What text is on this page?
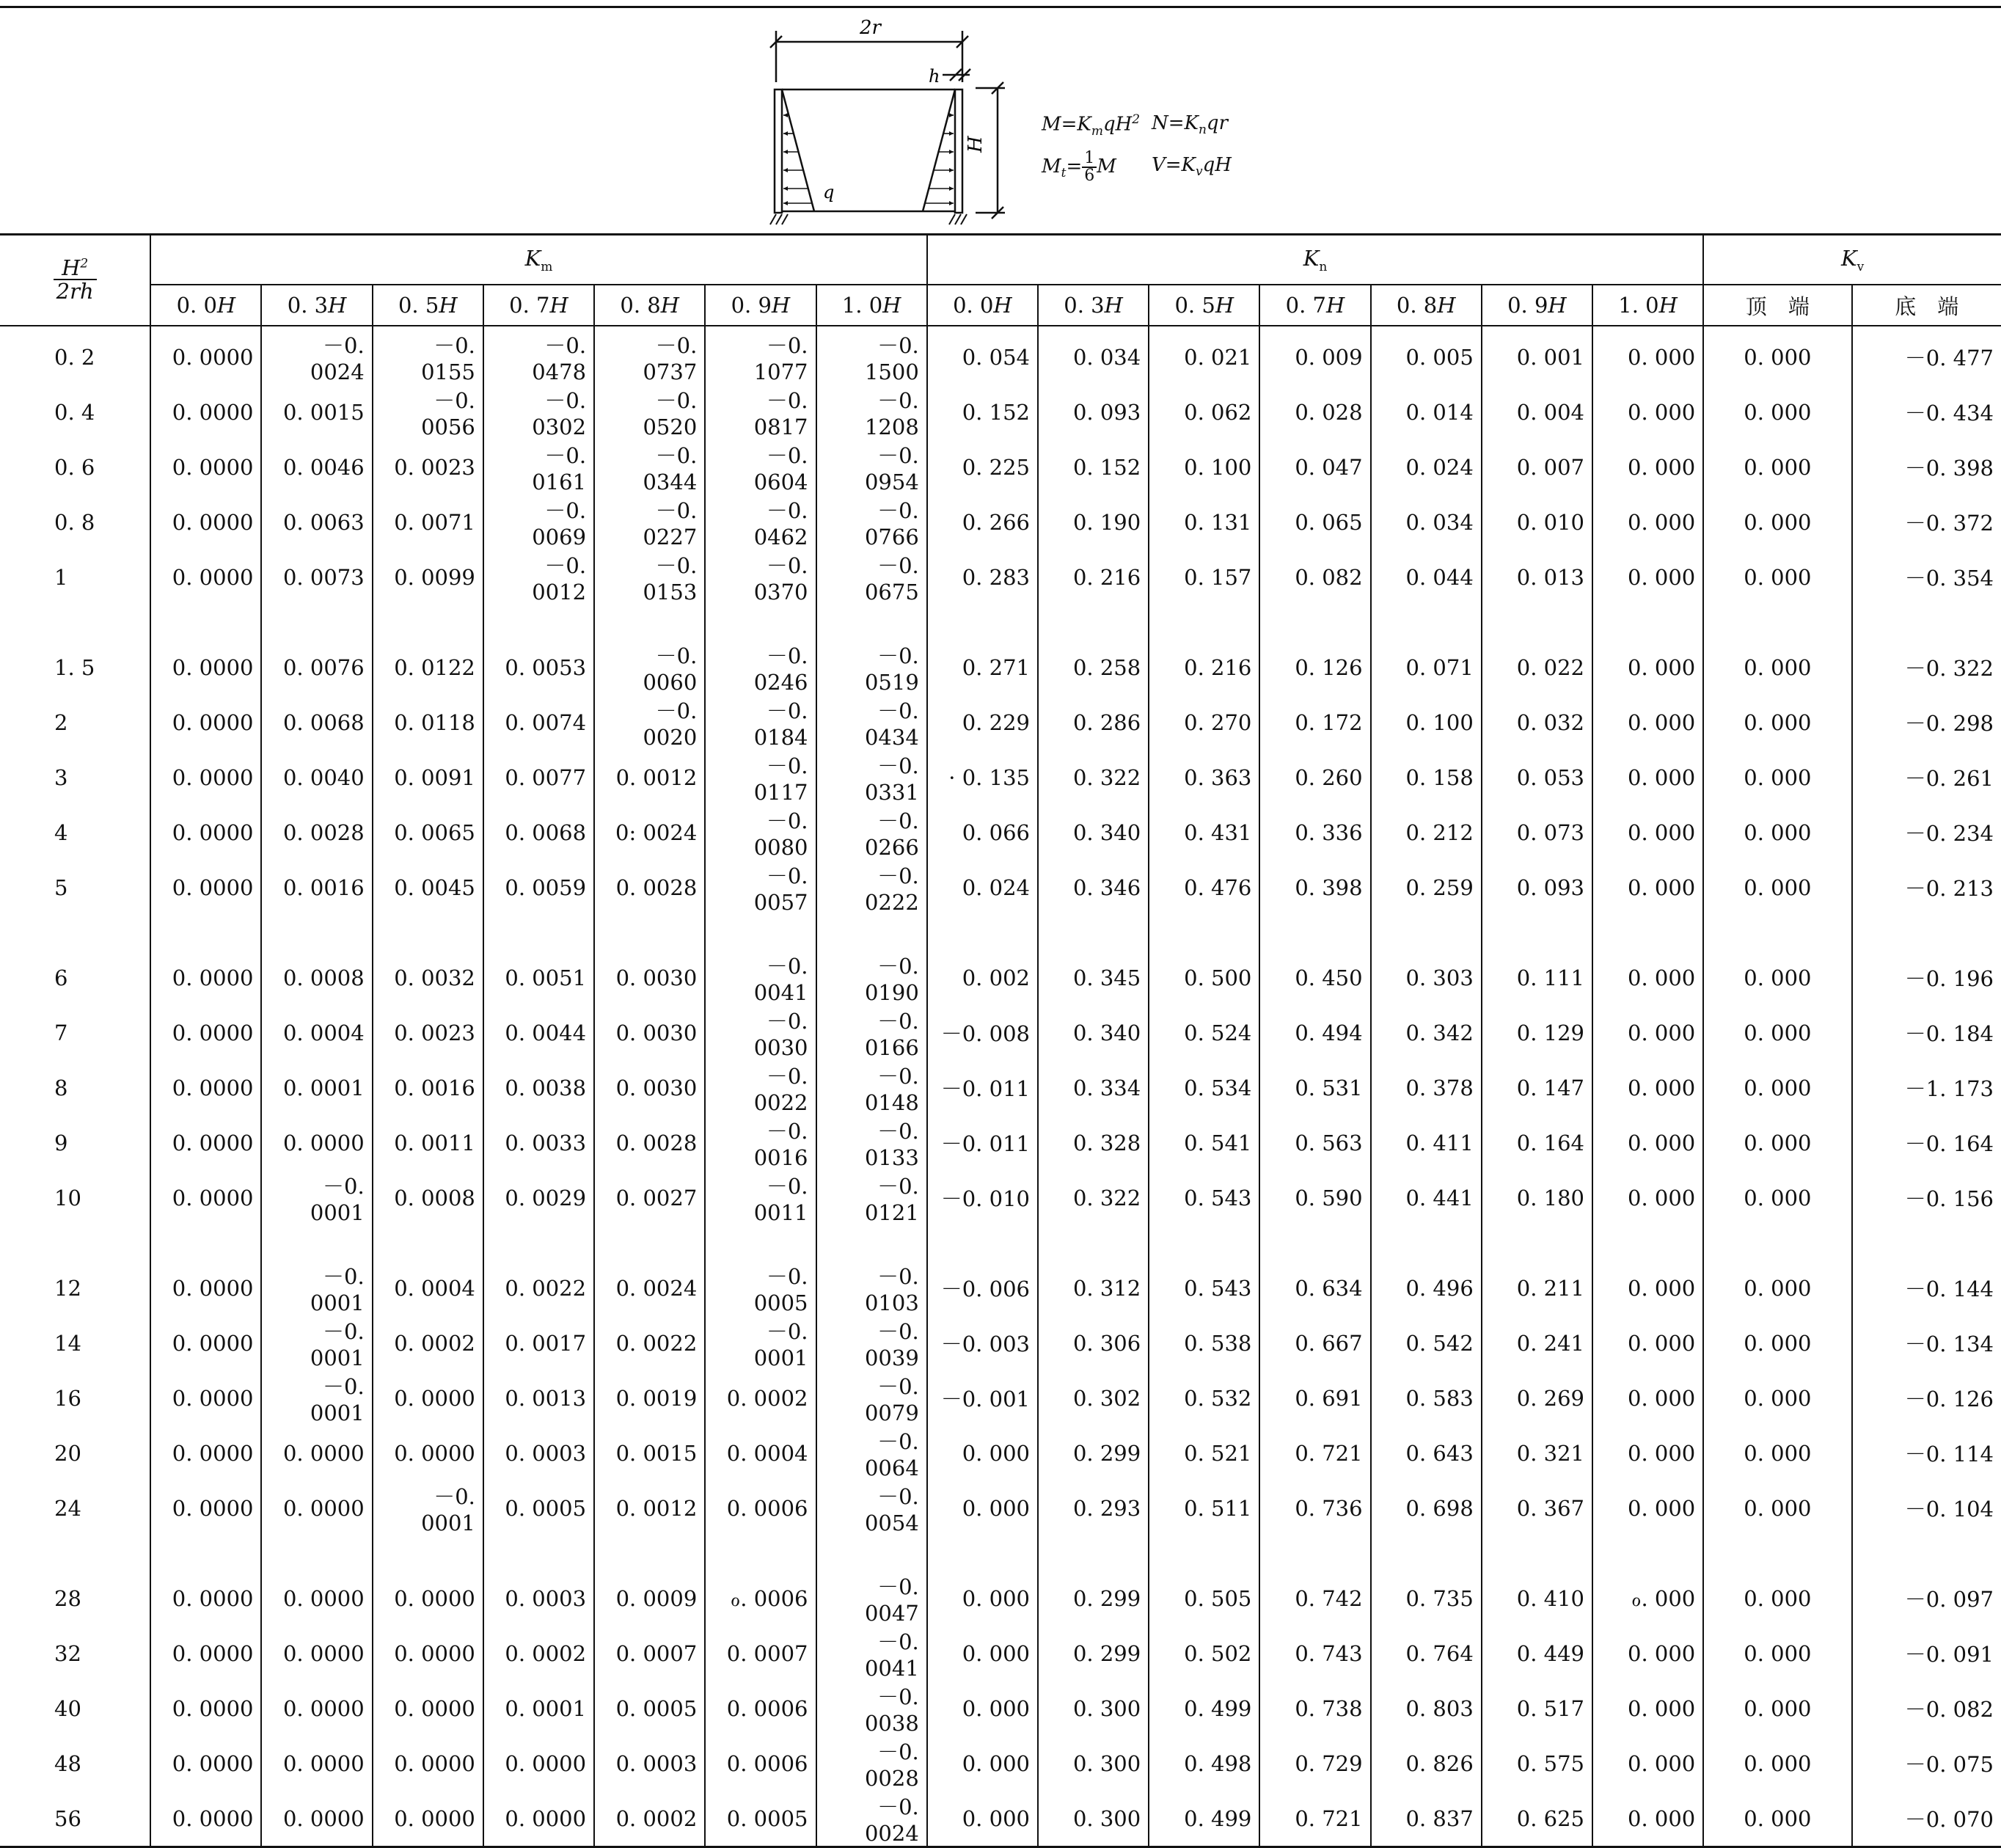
2r
h
H
q
$M=K_mqH^2$ $N=K_nqr$
$M_t= \frac{1}{6}$ M $V=K_vqH$
$\frac{H^2}{2rh}$	$K_m$							$K_n$							$K_v$
	0. 0H	0. 3H	0. 5H	0. 7H	0. 8H	0. 9H	1. 0H	0. 0H	0. 3H	0. 5H	0. 7H	0. 8H	0. 9H	1. 0H	顶　端	底　端
0. 2	0. 0000	－0. 0024	－0. 0155	－0. 0478	－0. 0737	－0. 1077	－0. 1500	0. 054	0. 034	0. 021	0. 009	0. 005	0. 001	0. 000	0. 000	－0. 477
0. 4	0. 0000	0. 0015	－0. 0056	－0. 0302	－0. 0520	－0. 0817	－0. 1208	0. 152	0. 093	0. 062	0. 028	0. 014	0. 004	0. 000	0. 000	－0. 434
0. 6	0. 0000	0. 0046	0. 0023	－0. 0161	－0. 0344	－0. 0604	－0. 0954	0. 225	0. 152	0. 100	0. 047	0. 024	0. 007	0. 000	0. 000	－0. 398
0. 8	0. 0000	0. 0063	0. 0071	－0. 0069	－0. 0227	－0. 0462	－0. 0766	0. 266	0. 190	0. 131	0. 065	0. 034	0. 010	0. 000	0. 000	－0. 372
1	0. 0000	0. 0073	0. 0099	－0. 0012	－0. 0153	－0. 0370	－0. 0675	0. 283	0. 216	0. 157	0. 082	0. 044	0. 013	0. 000	0. 000	－0. 354
1. 5	0. 0000	0. 0076	0. 0122	0. 0053	－0. 0060	－0. 0246	－0. 0519	0. 271	0. 258	0. 216	0. 126	0. 071	0. 022	0. 000	0. 000	－0. 322
2	0. 0000	0. 0068	0. 0118	0. 0074	－0. 0020	－0. 0184	－0. 0434	0. 229	0. 286	0. 270	0. 172	0. 100	0. 032	0. 000	0. 000	－0. 298
3	0. 0000	0. 0040	0. 0091	0. 0077	0. 0012	－0. 0117	－0. 0331	· 0. 135	0. 322	0. 363	0. 260	0. 158	0. 053	0. 000	0. 000	－0. 261
4	0. 0000	0. 0028	0. 0065	0. 0068	0: 0024	－0. 0080	－0. 0266	0. 066	0. 340	0. 431	0. 336	0. 212	0. 073	0. 000	0. 000	－0. 234
5	0. 0000	0. 0016	0. 0045	0. 0059	0. 0028	－0. 0057	－0. 0222	0. 024	0. 346	0. 476	0. 398	0. 259	0. 093	0. 000	0. 000	－0. 213
6	0. 0000	0. 0008	0. 0032	0. 0051	0. 0030	－0. 0041	－0. 0190	0. 002	0. 345	0. 500	0. 450	0. 303	0. 111	0. 000	0. 000	－0. 196
7	0. 0000	0. 0004	0. 0023	0. 0044	0. 0030	－0. 0030	－0. 0166	－0. 008	0. 340	0. 524	0. 494	0. 342	0. 129	0. 000	0. 000	－0. 184
8	0. 0000	0. 0001	0. 0016	0. 0038	0. 0030	－0. 0022	－0. 0148	－0. 011	0. 334	0. 534	0. 531	0. 378	0. 147	0. 000	0. 000	－1. 173
9	0. 0000	0. 0000	0. 0011	0. 0033	0. 0028	－0. 0016	－0. 0133	－0. 011	0. 328	0. 541	0. 563	0. 411	0. 164	0. 000	0. 000	－0. 164
10	0. 0000	－0. 0001	0. 0008	0. 0029	0. 0027	－0. 0011	－0. 0121	－0. 010	0. 322	0. 543	0. 590	0. 441	0. 180	0. 000	0. 000	－0. 156
12	0. 0000	－0. 0001	0. 0004	0. 0022	0. 0024	－0. 0005	－0. 0103	－0. 006	0. 312	0. 543	0. 634	0. 496	0. 211	0. 000	0. 000	－0. 144
14	0. 0000	－0. 0001	0. 0002	0. 0017	0. 0022	－0. 0001	－0. 0039	－0. 003	0. 306	0. 538	0. 667	0. 542	0. 241	0. 000	0. 000	－0. 134
16	0. 0000	－0. 0001	0. 0000	0. 0013	0. 0019	0. 0002	－0. 0079	－0. 001	0. 302	0. 532	0. 691	0. 583	0. 269	0. 000	0. 000	－0. 126
20	0. 0000	0. 0000	0. 0000	0. 0003	0. 0015	0. 0004	－0. 0064	0. 000	0. 299	0. 521	0. 721	0. 643	0. 321	0. 000	0. 000	－0. 114
24	0. 0000	0. 0000	－0. 0001	0. 0005	0. 0012	0. 0006	－0. 0054	0. 000	0. 293	0. 511	0. 736	0. 698	0. 367	0. 000	0. 000	－0. 104
28	0. 0000	0. 0000	0. 0000	0. 0003	0. 0009	ℴ. 0006	－0. 0047	0. 000	0. 299	0. 505	0. 742	0. 735	0. 410	ℴ. 000	0. 000	－0. 097
32	0. 0000	0. 0000	0. 0000	0. 0002	0. 0007	0. 0007	－0. 0041	0. 000	0. 299	0. 502	0. 743	0. 764	0. 449	0. 000	0. 000	－0. 091
40	0. 0000	0. 0000	0. 0000	0. 0001	0. 0005	0. 0006	－0. 0038	0. 000	0. 300	0. 499	0. 738	0. 803	0. 517	0. 000	0. 000	－0. 082
48	0. 0000	0. 0000	0. 0000	0. 0000	0. 0003	0. 0006	－0. 0028	0. 000	0. 300	0. 498	0. 729	0. 826	0. 575	0. 000	0. 000	－0. 075
56	0. 0000	0. 0000	0. 0000	0. 0000	0. 0002	0. 0005	－0. 0024	0. 000	0. 300	0. 499	0. 721	0. 837	0. 625	0. 000	0. 000	－0. 070
